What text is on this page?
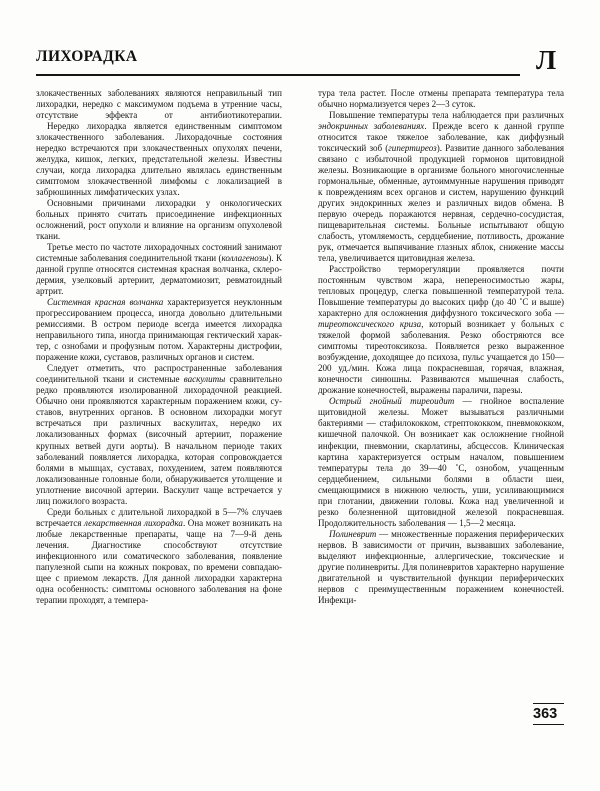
ЛИХОРАДКА	Л

злокачественных заболеваниях являются неправильный тип лихорадки, нередко с максимумом подъема в утренние часы, отсутствие эффекта от антибиотикотерапии.

Нередко лихорадка является единственным симптомом злокачественного заболевания. Лихорадочные состояния нередко встречаются при злокачественных опухолях печени, желудка, кишок, легких, предстательной железы. Известны случаи, когда лихорадка длительно являлась единственным симптомом злокачественной лимфомы с локализацией в забрюшинных лимфатических узлах.

Основными причинами лихорадки у онкологических больных принято считать присоединение инфекционных осложнений, рост опухоли и влияние на организм опухолевой ткани.

Третье место по частоте лихорадочных состояний занимают системные заболевания соединительной ткани (коллагенозы). К данной группе относятся системная красная волчанка, склеродермия, узелковый артериит, дерматомиозит, ревматоидный артрит.

Системная красная волчанка характеризуется неуклонным прогрессированием процесса, иногда довольно длительными ремиссиями. В остром периоде всегда имеется лихорадка неправильного типа, иногда принимающая гектический характер, с ознобами и профузным потом. Характерны дистрофии, поражение кожи, суставов, различных органов и систем.

Следует отметить, что распространенные заболевания соединительной ткани и системные васкулиты сравнительно редко проявляются изолированной лихорадочной реакцией. Обычно они проявляются характерным поражением кожи, суставов, внутренних органов. В основном лихорадки могут встречаться при различных васкулитах, нередко их локализованных формах (височный артериит, поражение крупных ветвей дуги аорты). В начальном периоде таких заболеваний появляется лихорадка, которая сопровождается болями в мышцах, суставах, похудением, затем появляются локализованные головные боли, обнаруживается утолщение и уплотнение височной артерии. Васкулит чаще встречается у лиц пожилого возраста.

Среди больных с длительной лихорадкой в 5—7% случаев встречается лекарственная лихорадка. Она может возникать на любые лекарственные препараты, чаще на 7—9-й день лечения. Диагностике способствуют отсутствие инфекционного или соматического заболевания, появление папулезной сыпи на кожных покровах, по времени совпадающее с приемом лекарств. Для данной лихорадки характерна одна особенность: симптомы основного заболевания на фоне терапии проходят, а темпера-

тура тела растет. После отмены препарата температура тела обычно нормализуется через 2—3 суток.

Повышение температуры тела наблюдается при различных эндокринных заболеваниях. Прежде всего к данной группе относится такое тяжелое заболевание, как диффузный токсический зоб (гипертиреоз). Развитие данного заболевания связано с избыточной продукцией гормонов щитовидной железы. Возникающие в организме больного многочисленные гормональные, обменные, аутоиммунные нарушения приводят к повреждениям всех органов и систем, нарушению функций других эндокринных желез и различных видов обмена. В первую очередь поражаются нервная, сердечно-сосудистая, пищеварительная системы. Больные испытывают общую слабость, утомляемость, сердцебиение, потливость, дрожание рук, отмечается выпячивание глазных яблок, снижение массы тела, увеличивается щитовидная железа.

Расстройство терморегуляции проявляется почти постоянным чувством жара, непереносимостью жары, тепловых процедур, слегка повышенной температурой тела. Повышение температуры до высоких цифр (до 40 ˚С и выше) характерно для осложнения диффузного токсического зоба — тиреотоксического криза, который возникает у больных с тяжелой формой заболевания. Резко обостряются все симптомы тиреотоксикоза. Появляется резко выраженное возбуждение, доходящее до психоза, пульс учащается до 150—200 уд./мин. Кожа лица покрасневшая, горячая, влажная, конечности синюшны. Развиваются мышечная слабость, дрожание конечностей, выражены параличи, парезы.

Острый гнойный тиреоидит — гнойное воспаление щитовидной железы. Может вызываться различными бактериями — стафилококком, стрептококком, пневмококком, кишечной палочкой. Он возникает как осложнение гнойной инфекции, пневмонии, скарлатины, абсцессов. Клиническая картина характеризуется острым началом, повышением температуры тела до 39—40 ˚С, ознобом, учащенным сердцебиением, сильными болями в области шеи, смещающимися в нижнюю челюсть, уши, усиливающимися при глотании, движении головы. Кожа над увеличенной и резко болезненной щитовидной железой покрасневшая. Продолжительность заболевания — 1,5—2 месяца.

Полиневрит — множественные поражения периферических нервов. В зависимости от причин, вызвавших заболевание, выделяют инфекционные, аллергические, токсические и другие полиневриты. Для полиневритов характерно нарушение двигательной и чувствительной функции периферических нервов с преимущественным поражением конечностей. Инфекци-

363
